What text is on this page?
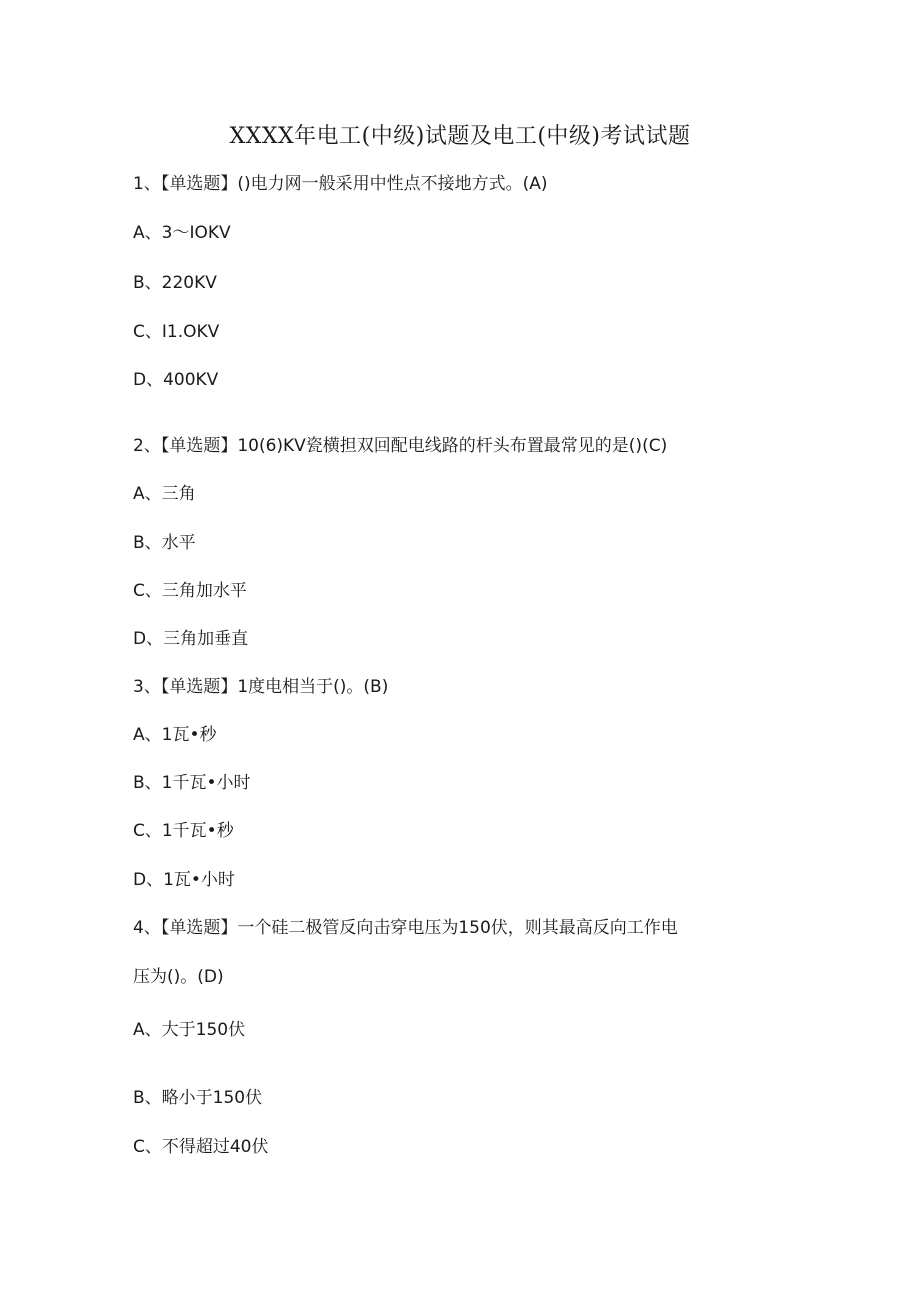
XXXX年电工(中级)试题及电工(中级)考试试题
1、【单选题】()电力网一般采用中性点不接地方式。(A)
A、3～IOKV
B、220KV
C、I1.OKV
D、400KV
2、【单选题】10(6)KV瓷横担双回配电线路的杆头布置最常见的是()(C)
A、三角
B、水平
C、三角加水平
D、三角加垂直
3、【单选题】1度电相当于()。(B)
A、1瓦•秒
B、1千瓦•小时
C、1千瓦•秒
D、1瓦•小时
4、【单选题】一个硅二极管反向击穿电压为150伏，则其最高反向工作电
压为()。(D)
A、大于150伏
B、略小于150伏
C、不得超过40伏
